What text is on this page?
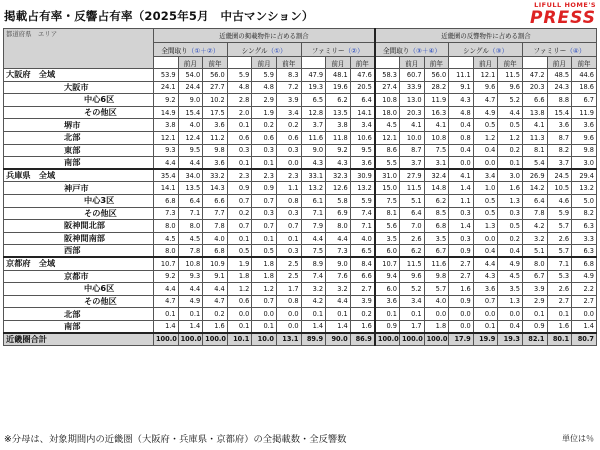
掲載占有率・反響占有率（2025年5月　中古マンション）
LIFULL HOME'S
PRESS
都道府県　エリア	近畿圏の掲載物件に占める割合									近畿圏の反響物件に占める割合								
	全間取り（①＋②）			シングル（①）			ファミリー（②）			全間取り（③＋④）			シングル（③）			ファミリー（④）		
		前月	前年		前月	前年		前月	前年		前月	前年		前月	前年		前月	前年
大阪府　全域	53.9	54.0	56.0	5.9	5.9	8.3	47.9	48.1	47.6	58.3	60.7	56.0	11.1	12.1	11.5	47.2	48.5	44.6
大阪市	24.1	24.4	27.7	4.8	4.8	7.2	19.3	19.6	20.5	27.4	33.9	28.2	9.1	9.6	9.6	20.3	24.3	18.6
中心6区	9.2	9.0	10.2	2.8	2.9	3.9	6.5	6.2	6.4	10.8	13.0	11.9	4.3	4.7	5.2	6.6	8.8	6.7
その他区	14.9	15.4	17.5	2.0	1.9	3.4	12.8	13.5	14.1	18.0	20.3	16.3	4.8	4.9	4.4	13.8	15.4	11.9
堺市	3.8	4.0	3.6	0.1	0.2	0.2	3.7	3.8	3.4	4.5	4.1	4.1	0.4	0.5	0.5	4.1	3.6	3.6
北部	12.1	12.4	11.2	0.6	0.6	0.6	11.6	11.8	10.6	12.1	10.0	10.8	0.8	1.2	1.2	11.3	8.7	9.6
東部	9.3	9.5	9.8	0.3	0.3	0.3	9.0	9.2	9.5	8.6	8.7	7.5	0.4	0.4	0.2	8.1	8.2	9.8
南部	4.4	4.4	3.6	0.1	0.1	0.0	4.3	4.3	3.6	5.5	3.7	3.1	0.0	0.0	0.1	5.4	3.7	3.0
兵庫県　全域	35.4	34.0	33.2	2.3	2.3	2.3	33.1	32.3	30.9	31.0	27.9	32.4	4.1	3.4	3.0	26.9	24.5	29.4
神戸市	14.1	13.5	14.3	0.9	0.9	1.1	13.2	12.6	13.2	15.0	11.5	14.8	1.4	1.0	1.6	14.2	10.5	13.2
中心3区	6.8	6.4	6.6	0.7	0.7	0.8	6.1	5.8	5.9	7.5	5.1	6.2	1.1	0.5	1.3	6.4	4.6	5.0
その他区	7.3	7.1	7.7	0.2	0.3	0.3	7.1	6.9	7.4	8.1	6.4	8.5	0.3	0.5	0.3	7.8	5.9	8.2
阪神間北部	8.0	8.0	7.8	0.7	0.7	0.7	7.9	8.0	7.1	5.6	7.0	6.8	1.4	1.3	0.5	4.2	5.7	6.3
阪神間南部	4.5	4.5	4.0	0.1	0.1	0.1	4.4	4.4	4.0	3.5	2.6	3.5	0.3	0.0	0.2	3.2	2.6	3.3
西部	8.0	7.8	6.8	0.5	0.5	0.3	7.5	7.3	6.5	6.0	6.2	6.7	0.9	0.4	0.4	5.1	5.7	6.3
京都府　全域	10.7	10.8	10.9	1.9	1.8	2.5	8.9	9.0	8.4	10.7	11.5	11.6	2.7	4.4	4.9	8.0	7.1	6.8
京都市	9.2	9.3	9.1	1.8	1.8	2.5	7.4	7.6	6.6	9.4	9.6	9.8	2.7	4.3	4.5	6.7	5.3	4.9
中心6区	4.4	4.4	4.4	1.2	1.2	1.7	3.2	3.2	2.7	6.0	5.2	5.7	1.6	3.6	3.5	3.9	2.6	2.2
その他区	4.7	4.9	4.7	0.6	0.7	0.8	4.2	4.4	3.9	3.6	3.4	4.0	0.9	0.7	1.3	2.9	2.7	2.7
北部	0.1	0.1	0.2	0.0	0.0	0.0	0.1	0.1	0.2	0.1	0.1	0.0	0.0	0.0	0.0	0.1	0.1	0.0
南部	1.4	1.4	1.6	0.1	0.1	0.0	1.4	1.4	1.6	0.9	1.7	1.8	0.0	0.1	0.4	0.9	1.6	1.4
近畿圏合計	100.0	100.0	100.0	10.1	10.0	13.1	89.9	90.0	86.9	100.0	100.0	100.0	17.9	19.9	19.3	82.1	80.1	80.7
※分母は、対象期間内の近畿圏（大阪府・兵庫県・京都府）の全掲載数・全反響数	単位は％
